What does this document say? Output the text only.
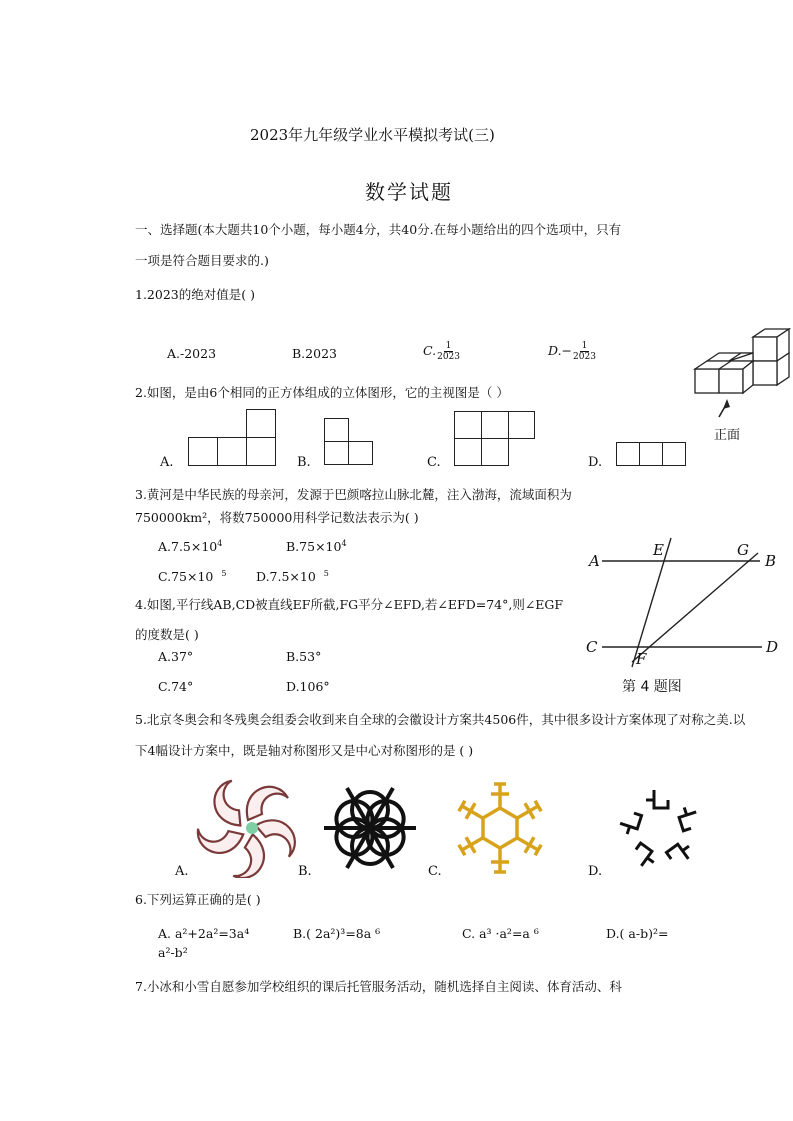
2023年九年级学业水平模拟考试(三)
数学试题
一、选择题(本大题共10个小题，每小题4分，共40分.在每小题给出的四个选项中，只有
一项是符合题目要求的.)
1.2023的绝对值是( )
A.-2023	B.2023	C. $\frac{1}{2023}$	$D.- \frac{1}{2023}$
正面
2.如图，是由6个相同的正方体组成的立体图形，它的主视图是（ ）
A.	B.	C.	D.
3.黄河是中华民族的母亲河，发源于巴颜喀拉山脉北麓，注入渤海，流域面积为
750000km²，将数750000用科学记数法表示为( )
$A.7.5\times 10^4$	$B.75\times 10^4$
C.75×10 $^5$ D.7.5×10 $^5$
A
E	G
B
C
F
D
第 4 题图
4.如图,平行线AB,CD被直线EF所截,FG平分∠EFD,若∠EFD=74°,则∠EGF
的度数是( )
A.37°	B.53°
C.74°	D.106°
5.北京冬奥会和冬残奥会组委会收到来自全球的会徽设计方案共4506件，其中很多设计方案体现了对称之美.以
下4幅设计方案中，既是轴对称图形又是中心对称图形的是 ( )
A.	B.	C.	D.
6.下列运算正确的是( )
A. a²+2a²=3a⁴	B.( 2a²)³=8a ⁶	C. a³ ·a²=a ⁶	D.( a-b)²=
a²-b²
7.小冰和小雪自愿参加学校组织的课后托管服务活动，随机选择自主阅读、体育活动、科
